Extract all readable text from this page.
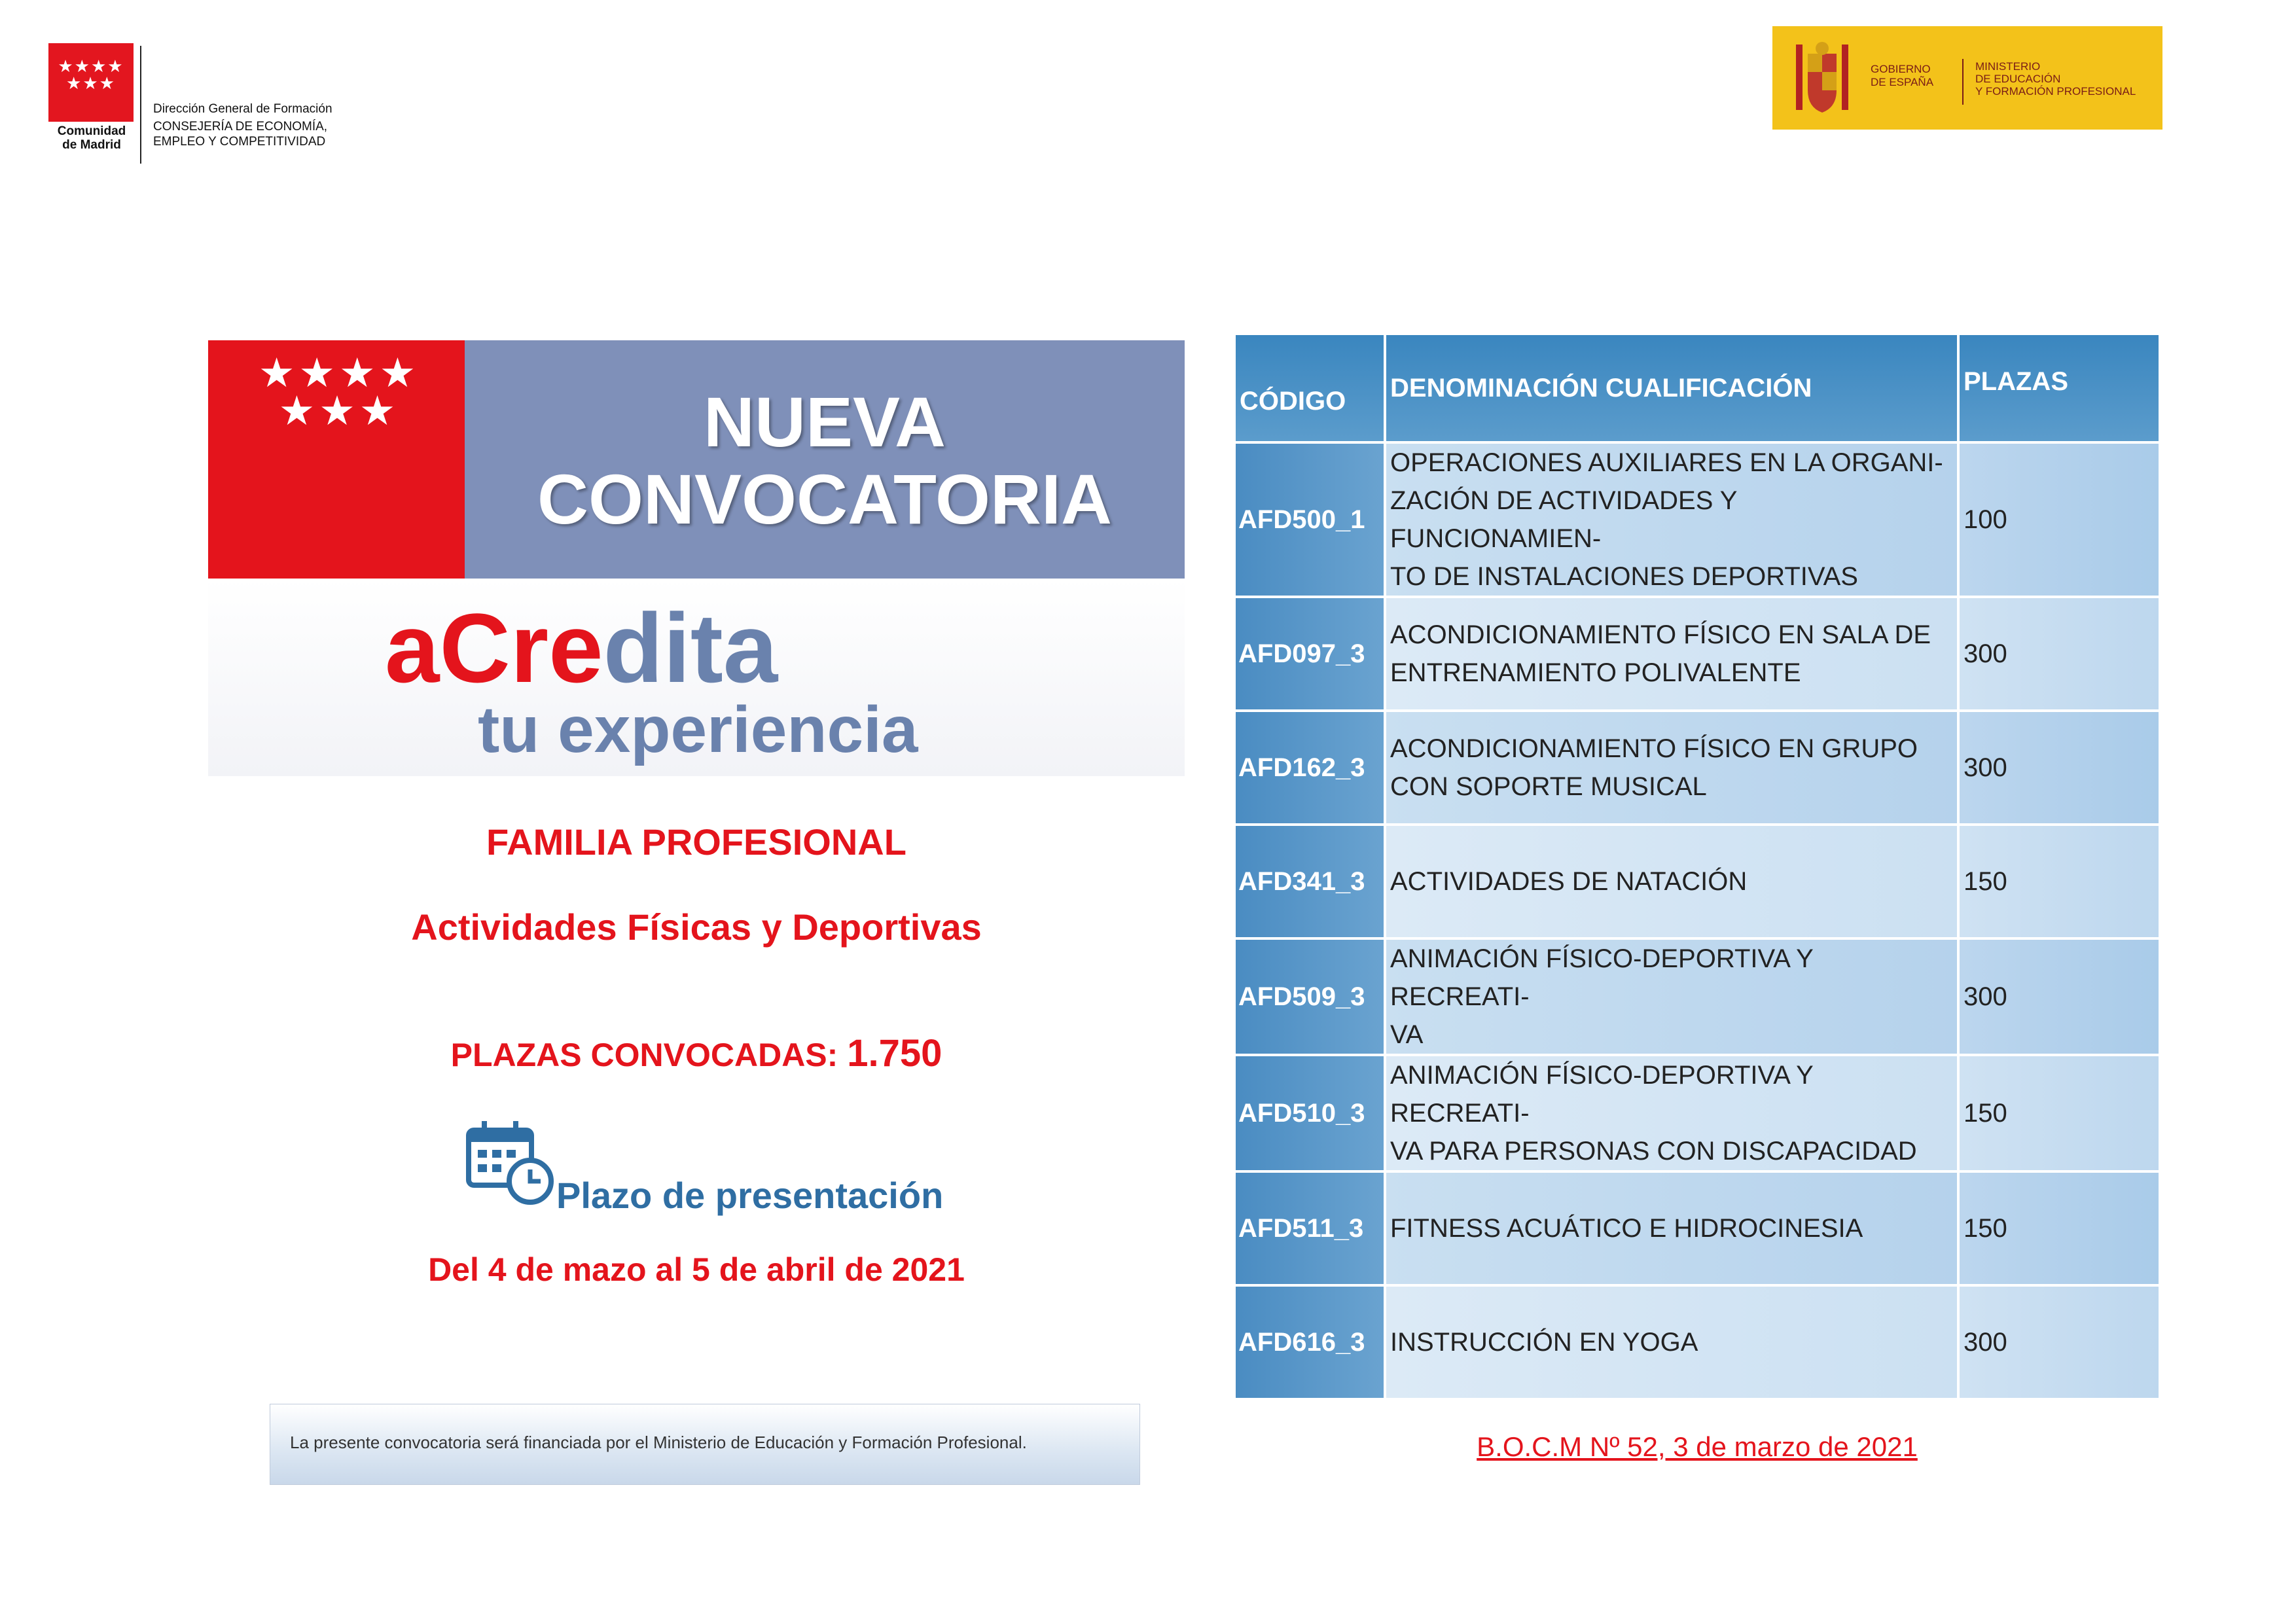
★★★★
★★★
Comunidad
de Madrid
Dirección General de Formación
CONSEJERÍA DE ECONOMÍA,
EMPLEO Y COMPETITIVIDAD
GOBIERNO
DE ESPAÑA
MINISTERIO
DE EDUCACIÓN
Y FORMACIÓN PROFESIONAL
★★★★
★★★	NUEVA
CONVOCATORIA
aCredita
tu experiencia
FAMILIA PROFESIONAL
Actividades Físicas y Deportivas
PLAZAS CONVOCADAS: 1.750
Plazo de presentación
Del 4 de mazo al 5 de abril de 2021
La presente convocatoria será financiada por el Ministerio de Educación y Formación Profesional.
CÓDIGO	DENOMINACIÓN CUALIFICACIÓN	PLAZAS
AFD500_1	OPERACIONES AUXILIARES EN LA ORGANI-
ZACIÓN DE ACTIVIDADES Y FUNCIONAMIEN-
TO DE INSTALACIONES DEPORTIVAS	100
AFD097_3	ACONDICIONAMIENTO FÍSICO EN SALA DE
ENTRENAMIENTO POLIVALENTE	300
AFD162_3	ACONDICIONAMIENTO FÍSICO EN GRUPO
CON SOPORTE MUSICAL	300
AFD341_3	ACTIVIDADES DE NATACIÓN	150
AFD509_3	ANIMACIÓN FÍSICO-DEPORTIVA Y RECREATI-
VA	300
AFD510_3	ANIMACIÓN FÍSICO-DEPORTIVA Y RECREATI-
VA PARA PERSONAS CON DISCAPACIDAD	150
AFD511_3	FITNESS ACUÁTICO E HIDROCINESIA	150
AFD616_3	INSTRUCCIÓN EN YOGA	300
B.O.C.M Nº 52, 3 de marzo de 2021
